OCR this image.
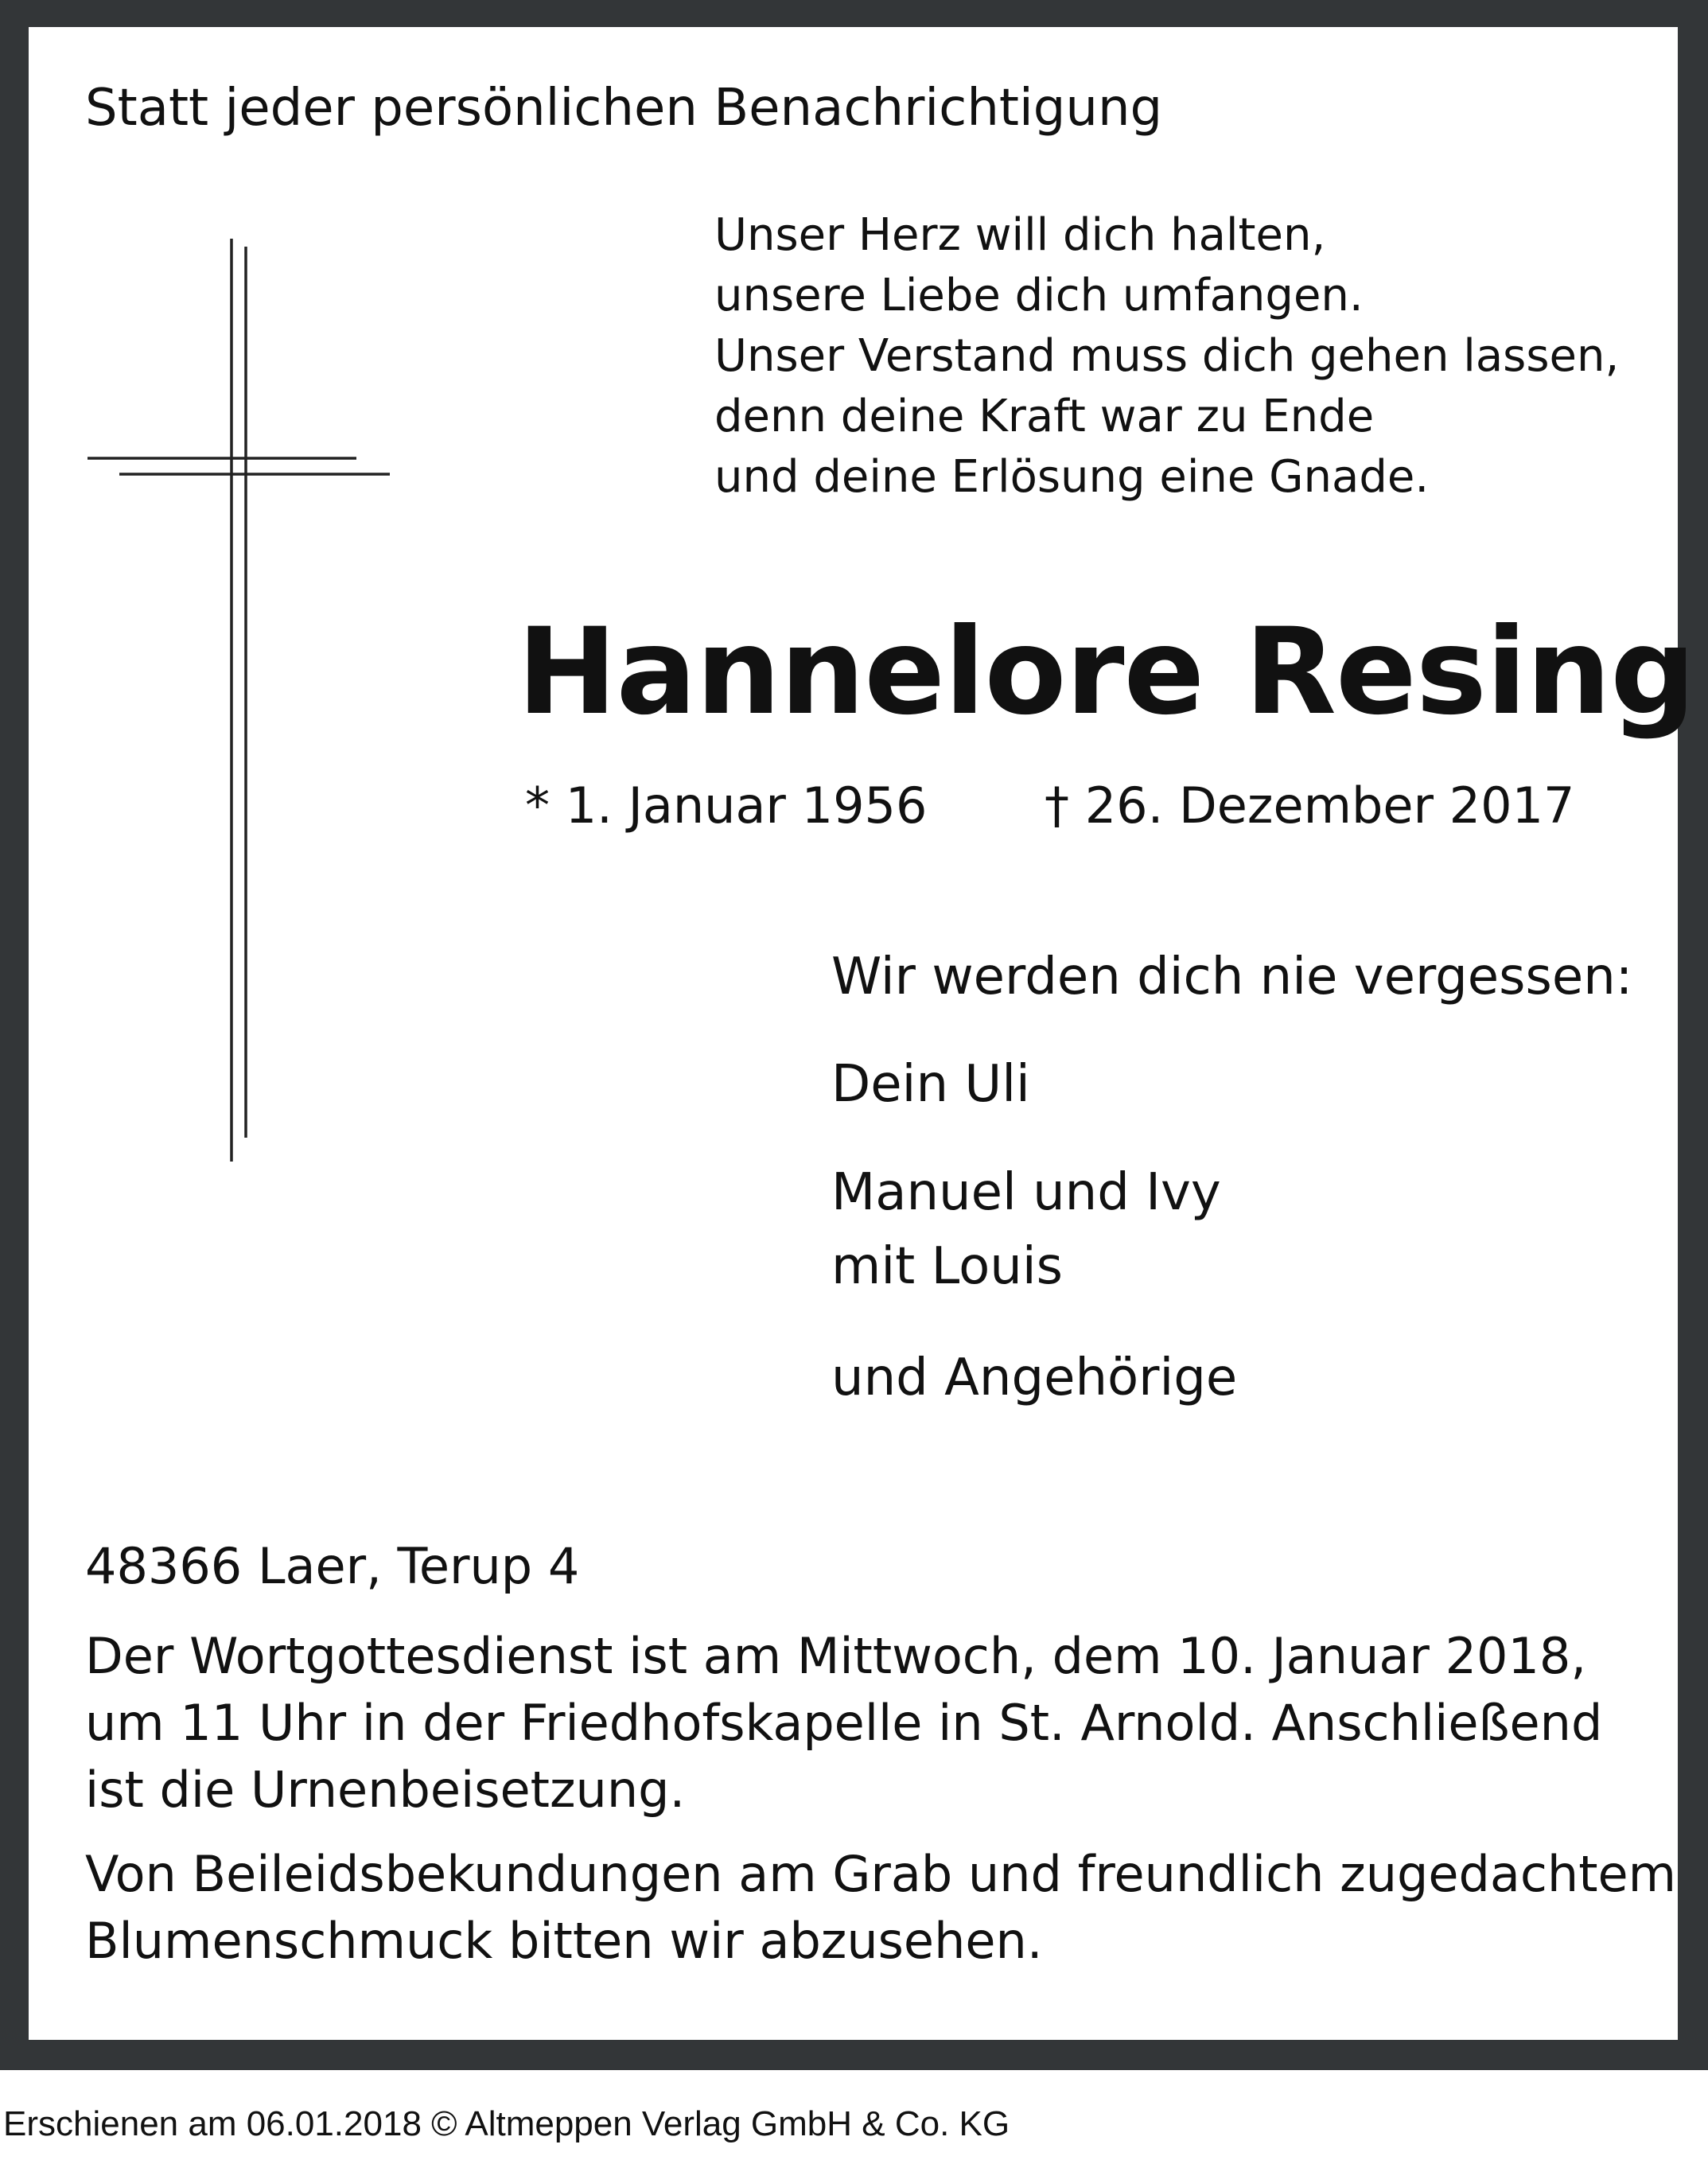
Statt jeder persönlichen Benachrichtigung

Unser Herz will dich halten,
unsere Liebe dich umfangen.
Unser Verstand muss dich gehen lassen,
denn deine Kraft war zu Ende
und deine Erlösung eine Gnade.

Hannelore Resing

* 1. Januar 1956 † 26. Dezember 2017

Wir werden dich nie vergessen:

Dein Uli

Manuel und Ivy

mit Louis

und Angehörige

48366 Laer, Terup 4

Der Wortgottesdienst ist am Mittwoch, dem 10. Januar 2018,
um 11 Uhr in der Friedhofskapelle in St. Arnold. Anschließend
ist die Urnenbeisetzung.
Von Beileidsbekundungen am Grab und freundlich zugedachtem
Blumenschmuck bitten wir abzusehen.
Erschienen am 06.01.2018 © Altmeppen Verlag GmbH & Co. KG
